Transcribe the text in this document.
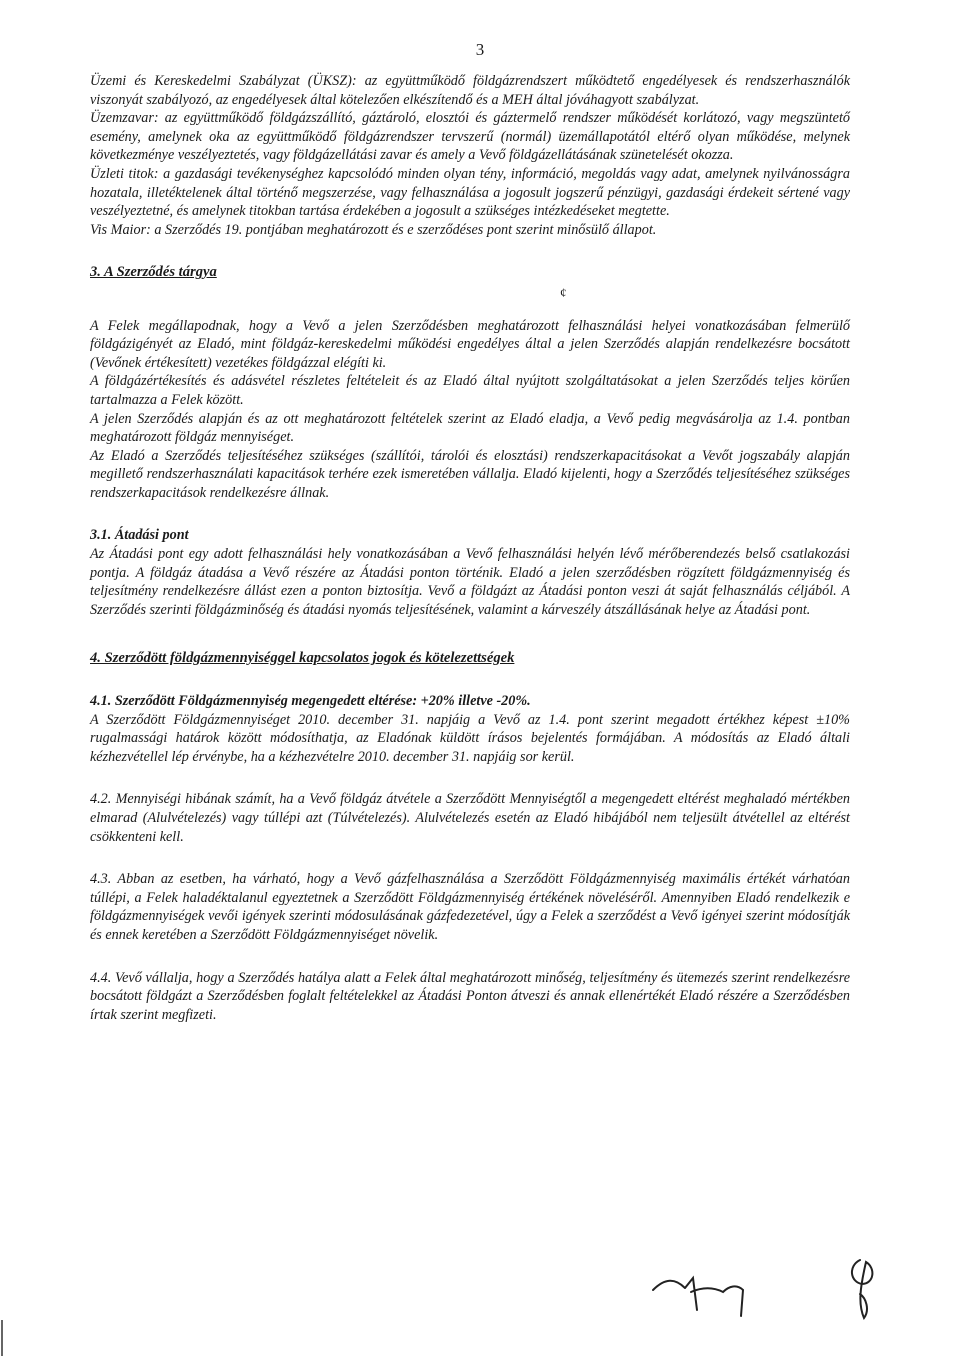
3

Üzemi és Kereskedelmi Szabályzat (ÜKSZ): az együttműködő földgázrendszert működtető engedélyesek és rendszerhasználók viszonyát szabályozó, az engedélyesek által kötelezően elkészítendő és a MEH által jóváhagyott szabályzat.

Üzemzavar: az együttműködő földgázszállító, gáztároló, elosztói és gáztermelő rendszer működését korlátozó, vagy megszüntető esemény, amelynek oka az együttműködő földgázrendszer tervszerű (normál) üzemállapotától eltérő olyan működése, melynek következménye veszélyeztetés, vagy földgázellátási zavar és amely a Vevő földgázellátásának szünetelését okozza.

Üzleti titok: a gazdasági tevékenységhez kapcsolódó minden olyan tény, információ, megoldás vagy adat, amelynek nyilvánosságra hozatala, illetéktelenek által történő megszerzése, vagy felhasználása a jogosult jogszerű pénzügyi, gazdasági érdekeit sértené vagy veszélyeztetné, és amelynek titokban tartása érdekében a jogosult a szükséges intézkedéseket megtette.

Vis Maior: a Szerződés 19. pontjában meghatározott és e szerződéses pont szerint minősülő állapot.

3. A Szerződés tárgya

¢

A Felek megállapodnak, hogy a Vevő a jelen Szerződésben meghatározott felhasználási helyei vonatkozásában felmerülő földgázigényét az Eladó, mint földgáz-kereskedelmi működési engedélyes által a jelen Szerződés alapján rendelkezésre bocsátott (Vevőnek értékesített) vezetékes földgázzal elégíti ki.

A földgázértékesítés és adásvétel részletes feltételeit és az Eladó által nyújtott szolgáltatásokat a jelen Szerződés teljes körűen tartalmazza a Felek között.

A jelen Szerződés alapján és az ott meghatározott feltételek szerint az Eladó eladja, a Vevő pedig megvásárolja az 1.4. pontban meghatározott földgáz mennyiséget.

Az Eladó a Szerződés teljesítéséhez szükséges (szállítói, tárolói és elosztási) rendszerkapacitásokat a Vevőt jogszabály alapján megillető rendszerhasználati kapacitások terhére ezek ismeretében vállalja. Eladó kijelenti, hogy a Szerződés teljesítéséhez szükséges rendszerkapacitások rendelkezésre állnak.

3.1. Átadási pont

Az Átadási pont egy adott felhasználási hely vonatkozásában a Vevő felhasználási helyén lévő mérőberendezés belső csatlakozási pontja. A földgáz átadása a Vevő részére az Átadási ponton történik. Eladó a jelen szerződésben rögzített földgázmennyiség és teljesítmény rendelkezésre állást ezen a ponton biztosítja. Vevő a földgázt az Átadási ponton veszi át saját felhasználás céljából. A Szerződés szerinti földgázminőség és átadási nyomás teljesítésének, valamint a kárveszély átszállásának helye az Átadási pont.

4. Szerződött földgázmennyiséggel kapcsolatos jogok és kötelezettségek

4.1. Szerződött Földgázmennyiség megengedett eltérése: +20% illetve -20%.

A Szerződött Földgázmennyiséget 2010. december 31. napjáig a Vevő az 1.4. pont szerint megadott értékhez képest ±10% rugalmassági határok között módosíthatja, az Eladónak küldött írásos bejelentés formájában. A módosítás az Eladó általi kézhezvétellel lép érvénybe, ha a kézhezvételre 2010. december 31. napjáig sor kerül.

4.2. Mennyiségi hibának számít, ha a Vevő földgáz átvétele a Szerződött Mennyiségtől a megengedett eltérést meghaladó mértékben elmarad (Alulvételezés) vagy túllépi azt (Túlvételezés). Alulvételezés esetén az Eladó hibájából nem teljesült átvétellel az eltérést csökkenteni kell.

4.3. Abban az esetben, ha várható, hogy a Vevő gázfelhasználása a Szerződött Földgázmennyiség maximális értékét várhatóan túllépi, a Felek haladéktalanul egyeztetnek a Szerződött Földgázmennyiség értékének növeléséről. Amennyiben Eladó rendelkezik e földgázmennyiségek vevői igények szerinti módosulásának gázfedezetével, úgy a Felek a szerződést a Vevő igényei szerint módosítják és ennek keretében a Szerződött Földgázmennyiséget növelik.

4.4. Vevő vállalja, hogy a Szerződés hatálya alatt a Felek által meghatározott minőség, teljesítmény és ütemezés szerint rendelkezésre bocsátott földgázt a Szerződésben foglalt feltételekkel az Átadási Ponton átveszi és annak ellenértékét Eladó részére a Szerződésben írtak szerint megfizeti.
